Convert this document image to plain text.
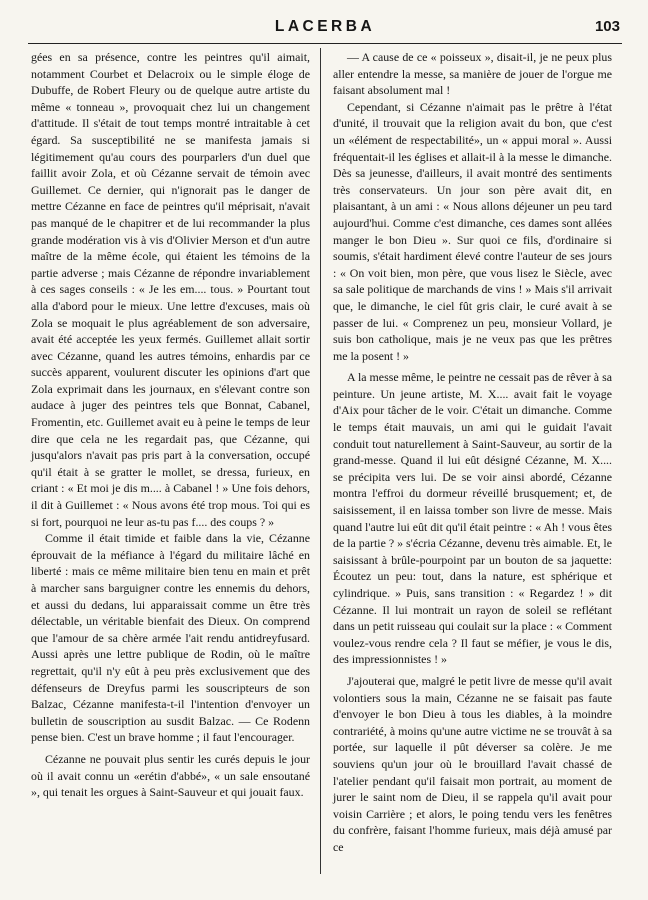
LACERBA	103

gées en sa présence, contre les peintres qu'il aimait, notamment Courbet et Delacroix ou le simple éloge de Dubuffe, de Robert Fleury ou de quelque autre artiste du même « tonneau », provoquait chez lui un changement d'attitude. Il s'était de tout temps montré intraitable à cet égard. Sa susceptibilité ne se manifesta jamais si légitimement qu'au cours des pourparlers d'un duel que faillit avoir Zola, et où Cézanne servait de témoin avec Guillemet. Ce dernier, qui n'ignorait pas le danger de mettre Cézanne en face de peintres qu'il méprisait, n'avait pas manqué de le chapitrer et de lui recommander la plus grande modération vis à vis d'Olivier Merson et d'un autre maître de la même école, qui étaient les témoins de la partie adverse ; mais Cézanne de répondre invariablement à ces sages conseils : « Je les em.... tous. » Pourtant tout alla d'abord pour le mieux. Une lettre d'excuses, mais où Zola se moquait le plus agréablement de son adversaire, avait été acceptée les yeux fermés. Guillemet allait sortir avec Cézanne, quand les autres témoins, enhardis par ce succès apparent, voulurent discuter les opinions d'art que Zola exprimait dans les journaux, en s'élevant contre son audace à juger des peintres tels que Bonnat, Cabanel, Fromentin, etc. Guillemet avait eu à peine le temps de leur dire que cela ne les regardait pas, que Cézanne, qui jusqu'alors n'avait pas pris part à la conversation, occupé qu'il était à se gratter le mollet, se dressa, furieux, en criant : « Et moi je dis m.... à Cabanel ! » Une fois dehors, il dit à Guillemet : « Nous avons été trop mous. Toi qui es si fort, pourquoi ne leur as-tu pas f.... des coups ? »

Comme il était timide et faible dans la vie, Cézanne éprouvait de la méfiance à l'égard du militaire lâché en liberté : mais ce même militaire bien tenu en main et prêt à marcher sans barguigner contre les ennemis du dehors, et aussi du dedans, lui apparaissait comme un être très délectable, un véritable bienfait des Dieux. On comprend que l'amour de sa chère armée l'ait rendu antidreyfusard. Aussi après une lettre publique de Rodin, où le maître regrettait, qu'il n'y eût à peu près exclusivement que des défenseurs de Dreyfus parmi les souscripteurs de son Balzac, Cézanne manifesta-t-il l'intention d'envoyer un bulletin de souscription au susdit Balzac. — Ce Rodenn pense bien. C'est un brave homme ; il faut l'encourager.

Cézanne ne pouvait plus sentir les curés depuis le jour où il avait connu un «erétin d'abbé», « un sale ensoutané », qui tenait les orgues à Saint-Sauveur et qui jouait faux.

— A cause de ce « poisseux », disait-il, je ne peux plus aller entendre la messe, sa manière de jouer de l'orgue me faisant absolument mal !

Cependant, si Cézanne n'aimait pas le prêtre à l'état d'unité, il trouvait que la religion avait du bon, que c'est un «élément de respectabilité», un « appui moral ». Aussi fréquentait-il les églises et allait-il à la messe le dimanche. Dès sa jeunesse, d'ailleurs, il avait montré des sentiments très conservateurs. Un jour son père avait dit, en plaisantant, à un ami : « Nous allons déjeuner un peu tard aujourd'hui. Comme c'est dimanche, ces dames sont allées manger le bon Dieu ». Sur quoi ce fils, d'ordinaire si soumis, s'était hardiment élevé contre l'auteur de ses jours : « On voit bien, mon père, que vous lisez le Siècle, avec sa sale politique de marchands de vins ! » Mais s'il arrivait que, le dimanche, le ciel fût gris clair, le curé avait à se passer de lui. « Comprenez un peu, monsieur Vollard, je suis bon catholique, mais je ne veux pas que les prêtres me la posent ! »

A la messe même, le peintre ne cessait pas de rêver à sa peinture. Un jeune artiste, M. X.... avait fait le voyage d'Aix pour tâcher de le voir. C'était un dimanche. Comme le temps était mauvais, un ami qui le guidait l'avait conduit tout naturellement à Saint-Sauveur, au sortir de la grand-messe. Quand il lui eût désigné Cézanne, M. X.... se précipita vers lui. De se voir ainsi abordé, Cézanne montra l'effroi du dormeur réveillé brusquement; et, de saisissement, il en laissa tomber son livre de messe. Mais quand l'autre lui eût dit qu'il était peintre : « Ah ! vous êtes de la partie ? » s'écria Cézanne, devenu très aimable. Et, le saisissant à brûle-pourpoint par un bouton de sa jaquette: Écoutez un peu: tout, dans la nature, est sphérique et cylindrique. » Puis, sans transition : « Regardez ! » dit Cézanne. Il lui montrait un rayon de soleil se reflétant dans un petit ruisseau qui coulait sur la place : « Comment voulez-vous rendre cela ? Il faut se méfier, je vous le dis, des impressionnistes ! »

J'ajouterai que, malgré le petit livre de messe qu'il avait volontiers sous la main, Cézanne ne se faisait pas faute d'envoyer le bon Dieu à tous les diables, à la moindre contrariété, à moins qu'une autre victime ne se trouvât à sa portée, sur laquelle il pût déverser sa colère. Je me souviens qu'un jour où le brouillard l'avait chassé de l'atelier pendant qu'il faisait mon portrait, au moment de jurer le saint nom de Dieu, il se rappela qu'il avait pour voisin Carrière ; et alors, le poing tendu vers les fenêtres du confrère, faisant l'homme furieux, mais déjà amusé par ce
